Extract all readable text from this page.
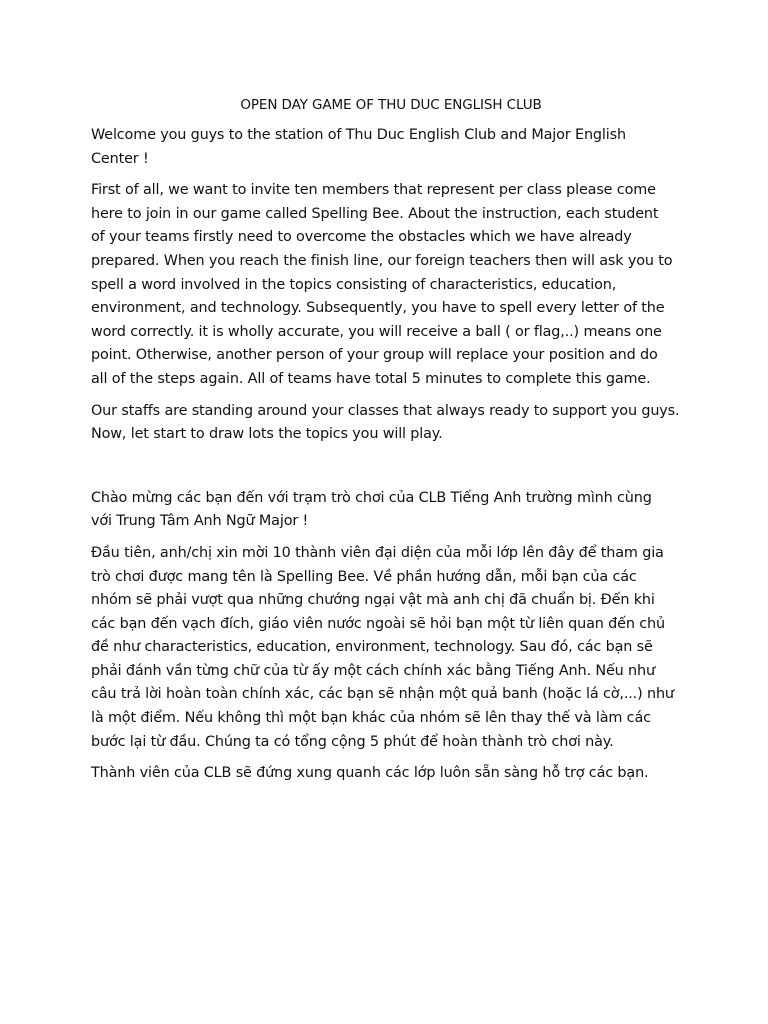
OPEN DAY GAME OF THU DUC ENGLISH CLUB

Welcome you guys to the station of Thu Duc English Club and Major English
Center !

First of all, we want to invite ten members that represent per class please come
here to join in our game called Spelling Bee. About the instruction, each student
of your teams firstly need to overcome the obstacles which we have already
prepared. When you reach the finish line, our foreign teachers then will ask you to
spell a word involved in the topics consisting of characteristics, education,
environment, and technology. Subsequently, you have to spell every letter of the
word correctly. it is wholly accurate, you will receive a ball ( or flag,..) means one
point. Otherwise, another person of your group will replace your position and do
all of the steps again. All of teams have total 5 minutes to complete this game.

Our staffs are standing around your classes that always ready to support you guys.
Now, let start to draw lots the topics you will play.

Chào mừng các bạn đến với trạm trò chơi của CLB Tiếng Anh trường mình cùng
với Trung Tâm Anh Ngữ Major !

Đầu tiên, anh/chị xin mời 10 thành viên đại diện của mỗi lớp lên đây để tham gia
trò chơi được mang tên là Spelling Bee. Về phần hướng dẫn, mỗi bạn của các
nhóm sẽ phải vượt qua những chướng ngại vật mà anh chị đã chuẩn bị. Đến khi
các bạn đến vạch đích, giáo viên nước ngoài sẽ hỏi bạn một từ liên quan đến chủ
đề như characteristics, education, environment, technology. Sau đó, các bạn sẽ
phải đánh vần từng chữ của từ ấy một cách chính xác bằng Tiếng Anh. Nếu như
câu trả lời hoàn toàn chính xác, các bạn sẽ nhận một quả banh (hoặc lá cờ,...) như
là một điểm. Nếu không thì một bạn khác của nhóm sẽ lên thay thế và làm các
bước lại từ đầu. Chúng ta có tổng cộng 5 phút để hoàn thành trò chơi này.

Thành viên của CLB sẽ đứng xung quanh các lớp luôn sẵn sàng hỗ trợ các bạn.
